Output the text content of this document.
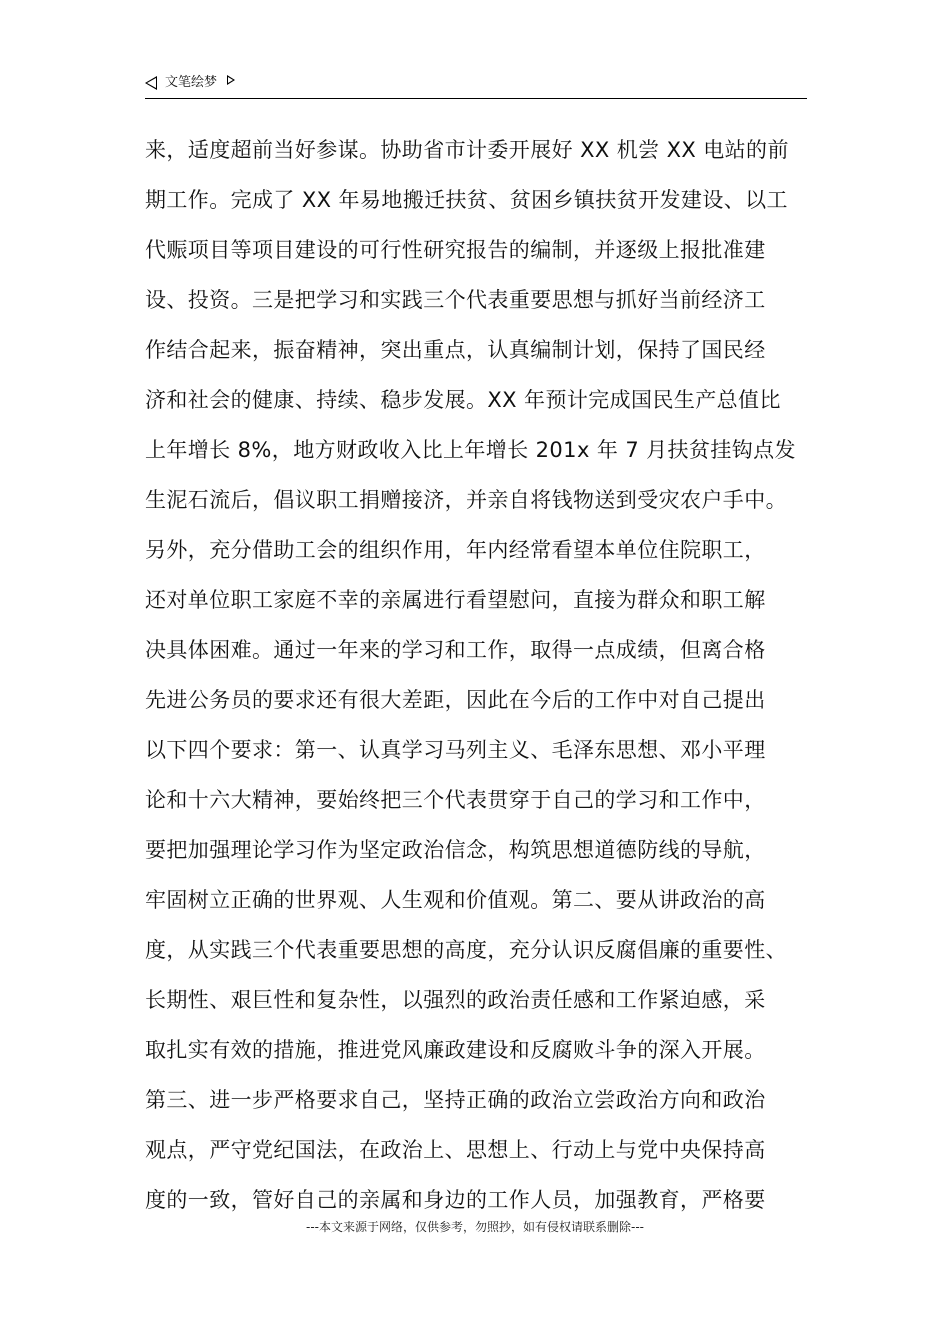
文笔绘梦
来，适度超前当好参谋。协助省市计委开展好 XX 机尝 XX 电站的前
期工作。完成了 XX 年易地搬迁扶贫、贫困乡镇扶贫开发建设、以工
代赈项目等项目建设的可行性研究报告的编制，并逐级上报批准建
设、投资。三是把学习和实践三个代表重要思想与抓好当前经济工
作结合起来，振奋精神，突出重点，认真编制计划，保持了国民经
济和社会的健康、持续、稳步发展。XX 年预计完成国民生产总值比
上年增长 8%，地方财政收入比上年增长 201x 年 7 月扶贫挂钩点发
生泥石流后，倡议职工捐赠接济，并亲自将钱物送到受灾农户手中。
另外，充分借助工会的组织作用，年内经常看望本单位住院职工，
还对单位职工家庭不幸的亲属进行看望慰问，直接为群众和职工解
决具体困难。通过一年来的学习和工作，取得一点成绩，但离合格
先进公务员的要求还有很大差距，因此在今后的工作中对自己提出
以下四个要求：第一、认真学习马列主义、毛泽东思想、邓小平理
论和十六大精神，要始终把三个代表贯穿于自己的学习和工作中，
要把加强理论学习作为坚定政治信念，构筑思想道德防线的导航，
牢固树立正确的世界观、人生观和价值观。第二、要从讲政治的高
度，从实践三个代表重要思想的高度，充分认识反腐倡廉的重要性、
长期性、艰巨性和复杂性，以强烈的政治责任感和工作紧迫感，采
取扎实有效的措施，推进党风廉政建设和反腐败斗争的深入开展。
第三、进一步严格要求自己，坚持正确的政治立尝政治方向和政治
观点，严守党纪国法，在政治上、思想上、行动上与党中央保持高
度的一致，管好自己的亲属和身边的工作人员，加强教育，严格要
---本文来源于网络，仅供参考，勿照抄，如有侵权请联系删除---
